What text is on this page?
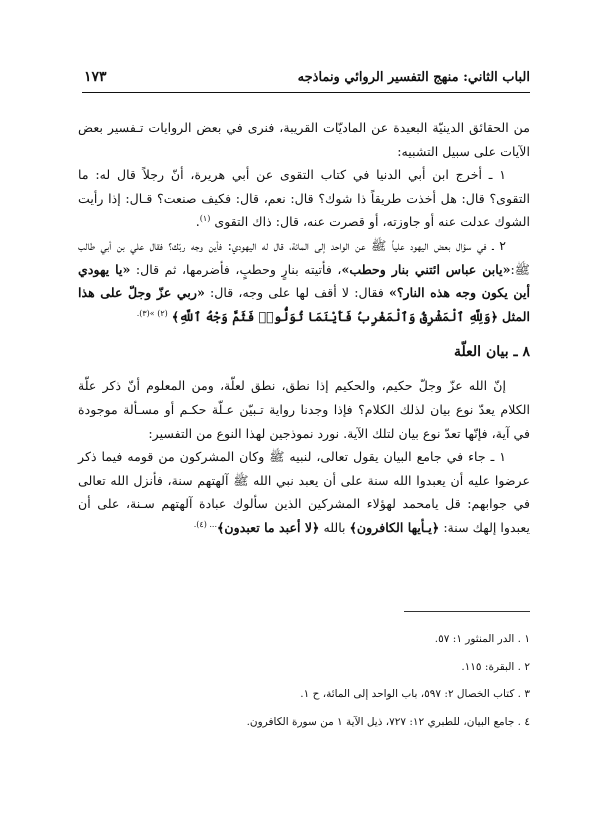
١٧٣	الباب الثاني: منهج التفسير الروائي ونماذجه

من الحقائق الدينيّة البعيدة عن الماديّات القريبة، فنرى في بعض الروايات تـفسير بعض الآيات على سبيل التشبيه:

١ ـ أخرج ابن أبي الدنيا في كتاب التقوى عن أبي هريرة، أنّ رجلاً قال له: ما التقوى؟ قال: هل أخذت طريقاً ذا شوك؟ قال: نعم، قال: فكيف صنعت؟ قـال: إذا رأيت الشوك عدلت عنه أو جاوزته، أو قصرت عنه، قال: ذاك التقوى $^{(١)}$.

٢ ـ في سؤال بعض اليهود علياً ﷺ عن الواحد إلى المائة، قال له اليهودي: فأين وجه ربّك؟ فقال علي بن أبي طالب ﷺ:«يابن عباس ائتني بنار وحطب»، فأتيته بنارٍ وحطبٍ، فأضرمها، ثم قال: «يا يهودي أين يكون وجه هذه النار؟» فقال: لا أقف لها على وجه، قال: «ربي عزّ وجلّ على هذا المثل ﴿وَلِلَّهِ ٱلْمَشْرِقُ وَٱلْمَغْرِبُ فَأَيْنَمَا تُوَلُّوا۟ فَثَمَّ وَجْهُ ٱللَّهِ﴾ $^{(٢) »(٣).}$

٨ ـ بيان العلّة

إنّ الله عزّ وجلّ حكيم، والحكيم إذا نطق، نطق لعلّة، ومن المعلوم أنّ ذكر علّة الكلام يعدّ نوع بيان لذلك الكلام؟ فإذا وجدنا رواية تـبيّن عـلّة حكـم أو مسـألة موجودة في آية، فإنّها تعدّ نوع بيان لتلك الآية. نورد نموذجين لهذا النوع من التفسير:

١ ـ جاء في جامع البيان يقول تعالى، لنبيه ﷺ وكان المشركون من قومه فيما ذكر عرضوا عليه أن يعبدوا الله سنة على أن يعبد نبي الله ﷺ آلهتهم سنة، فأنزل الله تعالى في جوابهم: قل يامحمد لهؤلاء المشركين الذين سألوك عبادة آلهتهم سـنة، على أن يعبدوا إلهك سنة: ﴿يـأيها الكافرون﴾ بالله ﴿لا أعبد ما تعبدون﴾$^{... (٤).}$

١ . الدر المنثور ١: ٥٧.
٢ . البقرة: ١١٥.
٣ . كتاب الخصال ٢: ٥٩٧، باب الواحد إلى المائة، ح ١.
٤ . جامع البيان، للطبري ١٢: ٧٢٧، ذيل الآية ١ من سورة الكافرون.
